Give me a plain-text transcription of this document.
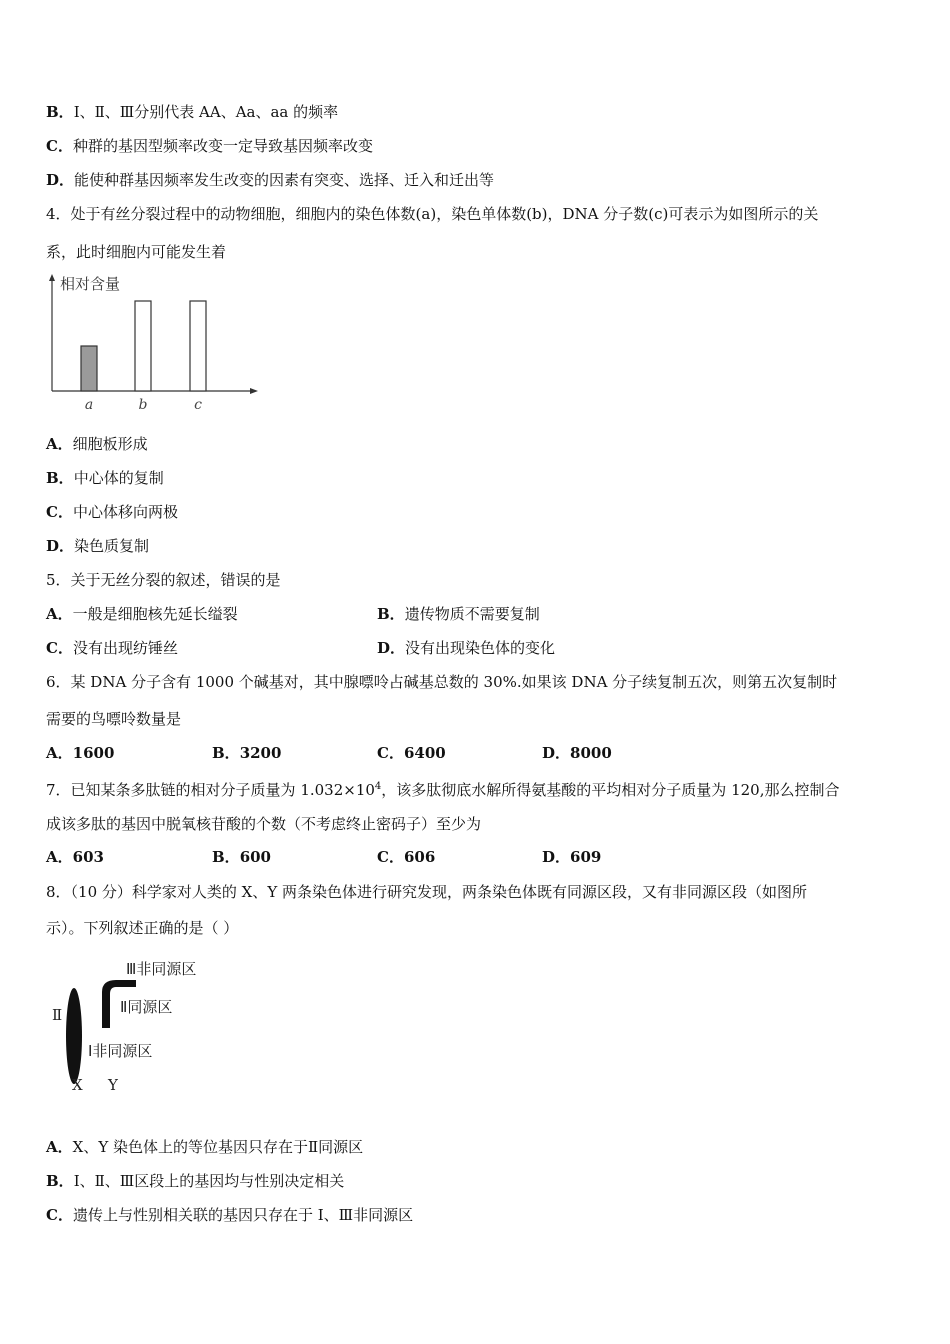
B．Ⅰ、Ⅱ、Ⅲ分别代表 AA、Aa、aa 的频率
C．种群的基因型频率改变一定导致基因频率改变
D．能使种群基因频率发生改变的因素有突变、选择、迁入和迁出等
4．处于有丝分裂过程中的动物细胞，细胞内的染色体数(a)，染色单体数(b)，DNA 分子数(c)可表示为如图所示的关
系，此时细胞内可能发生着
相对含量
a	b	c
A．细胞板形成
B．中心体的复制
C．中心体移向两极
D．染色质复制
5．关于无丝分裂的叙述，错误的是
A．一般是细胞核先延长缢裂	B．遗传物质不需要复制
C．没有出现纺锤丝	D．没有出现染色体的变化
6．某 DNA 分子含有 1000 个碱基对，其中腺嘌呤占碱基总数的 30%.如果该 DNA 分子续复制五次，则第五次复制时
需要的鸟嘌呤数量是
A．1600	B．3200	C．6400	D．8000
7．已知某条多肽链的相对分子质量为 $1.032\times 10^4$，该多肽彻底水解所得氨基酸的平均相对分子质量为 120,那么控制合
成该多肽的基因中脱氧核苷酸的个数（不考虑终止密码子）至少为
A．603	B．600	C．606	D．609
8．（10 分）科学家对人类的 X、Y 两条染色体进行研究发现，两条染色体既有同源区段，又有非同源区段（如图所
示）。下列叙述正确的是（ ）
Ⅲ非同源区
Ⅱ同源区
Ⅰ非同源区
Ⅱ
X Y
A．X、Y 染色体上的等位基因只存在于Ⅱ同源区
B．I、Ⅱ、Ⅲ区段上的基因均与性别决定相关
C．遗传上与性别相关联的基因只存在于 I、Ⅲ非同源区
